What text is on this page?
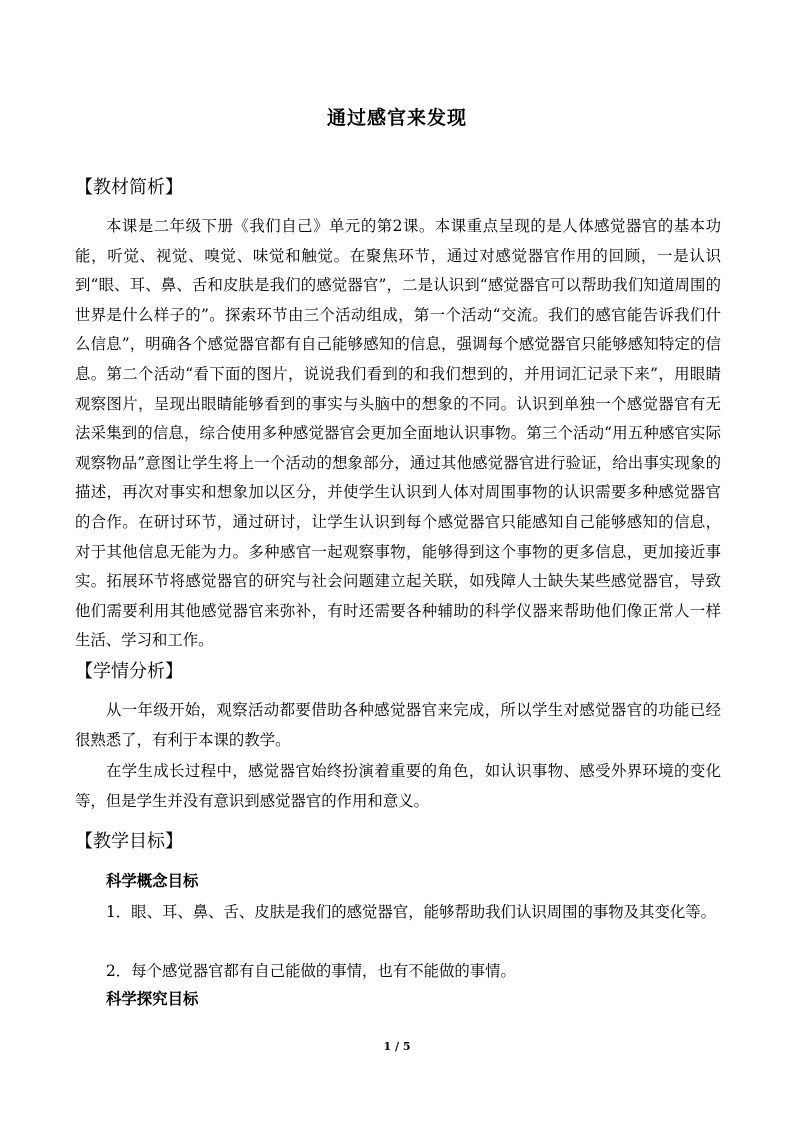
通过感官来发现
【教材简析】

本课是二年级下册《我们自己》单元的第2课。本课重点呈现的是人体感觉器官的基本功能，听觉、视觉、嗅觉、味觉和触觉。在聚焦环节，通过对感觉器官作用的回顾，一是认识到“眼、耳、鼻、舌和皮肤是我们的感觉器官”，二是认识到“感觉器官可以帮助我们知道周围的世界是什么样子的”。探索环节由三个活动组成，第一个活动“交流。我们的感官能告诉我们什么信息”，明确各个感觉器官都有自己能够感知的信息，强调每个感觉器官只能够感知特定的信息。第二个活动“看下面的图片，说说我们看到的和我们想到的，并用词汇记录下来”，用眼睛观察图片，呈现出眼睛能够看到的事实与头脑中的想象的不同。认识到单独一个感觉器官有无法采集到的信息，综合使用多种感觉器官会更加全面地认识事物。第三个活动“用五种感官实际观察物品”意图让学生将上一个活动的想象部分，通过其他感觉器官进行验证，给出事实现象的描述，再次对事实和想象加以区分，并使学生认识到人体对周围事物的认识需要多种感觉器官的合作。在研讨环节，通过研讨，让学生认识到每个感觉器官只能感知自己能够感知的信息，对于其他信息无能为力。多种感官一起观察事物，能够得到这个事物的更多信息，更加接近事实。拓展环节将感觉器官的研究与社会问题建立起关联，如残障人士缺失某些感觉器官，导致他们需要利用其他感觉器官来弥补，有时还需要各种辅助的科学仪器来帮助他们像正常人一样生活、学习和工作。

【学情分析】

从一年级开始，观察活动都要借助各种感觉器官来完成，所以学生对感觉器官的功能已经很熟悉了，有利于本课的教学。

在学生成长过程中，感觉器官始终扮演着重要的角色，如认识事物、感受外界环境的变化等，但是学生并没有意识到感觉器官的作用和意义。

【教学目标】
科学概念目标

1．眼、耳、鼻、舌、皮肤是我们的感觉器官，能够帮助我们认识周围的事物及其变化等。

2．每个感觉器官都有自己能做的事情，也有不能做的事情。

科学探究目标
1 / 5
